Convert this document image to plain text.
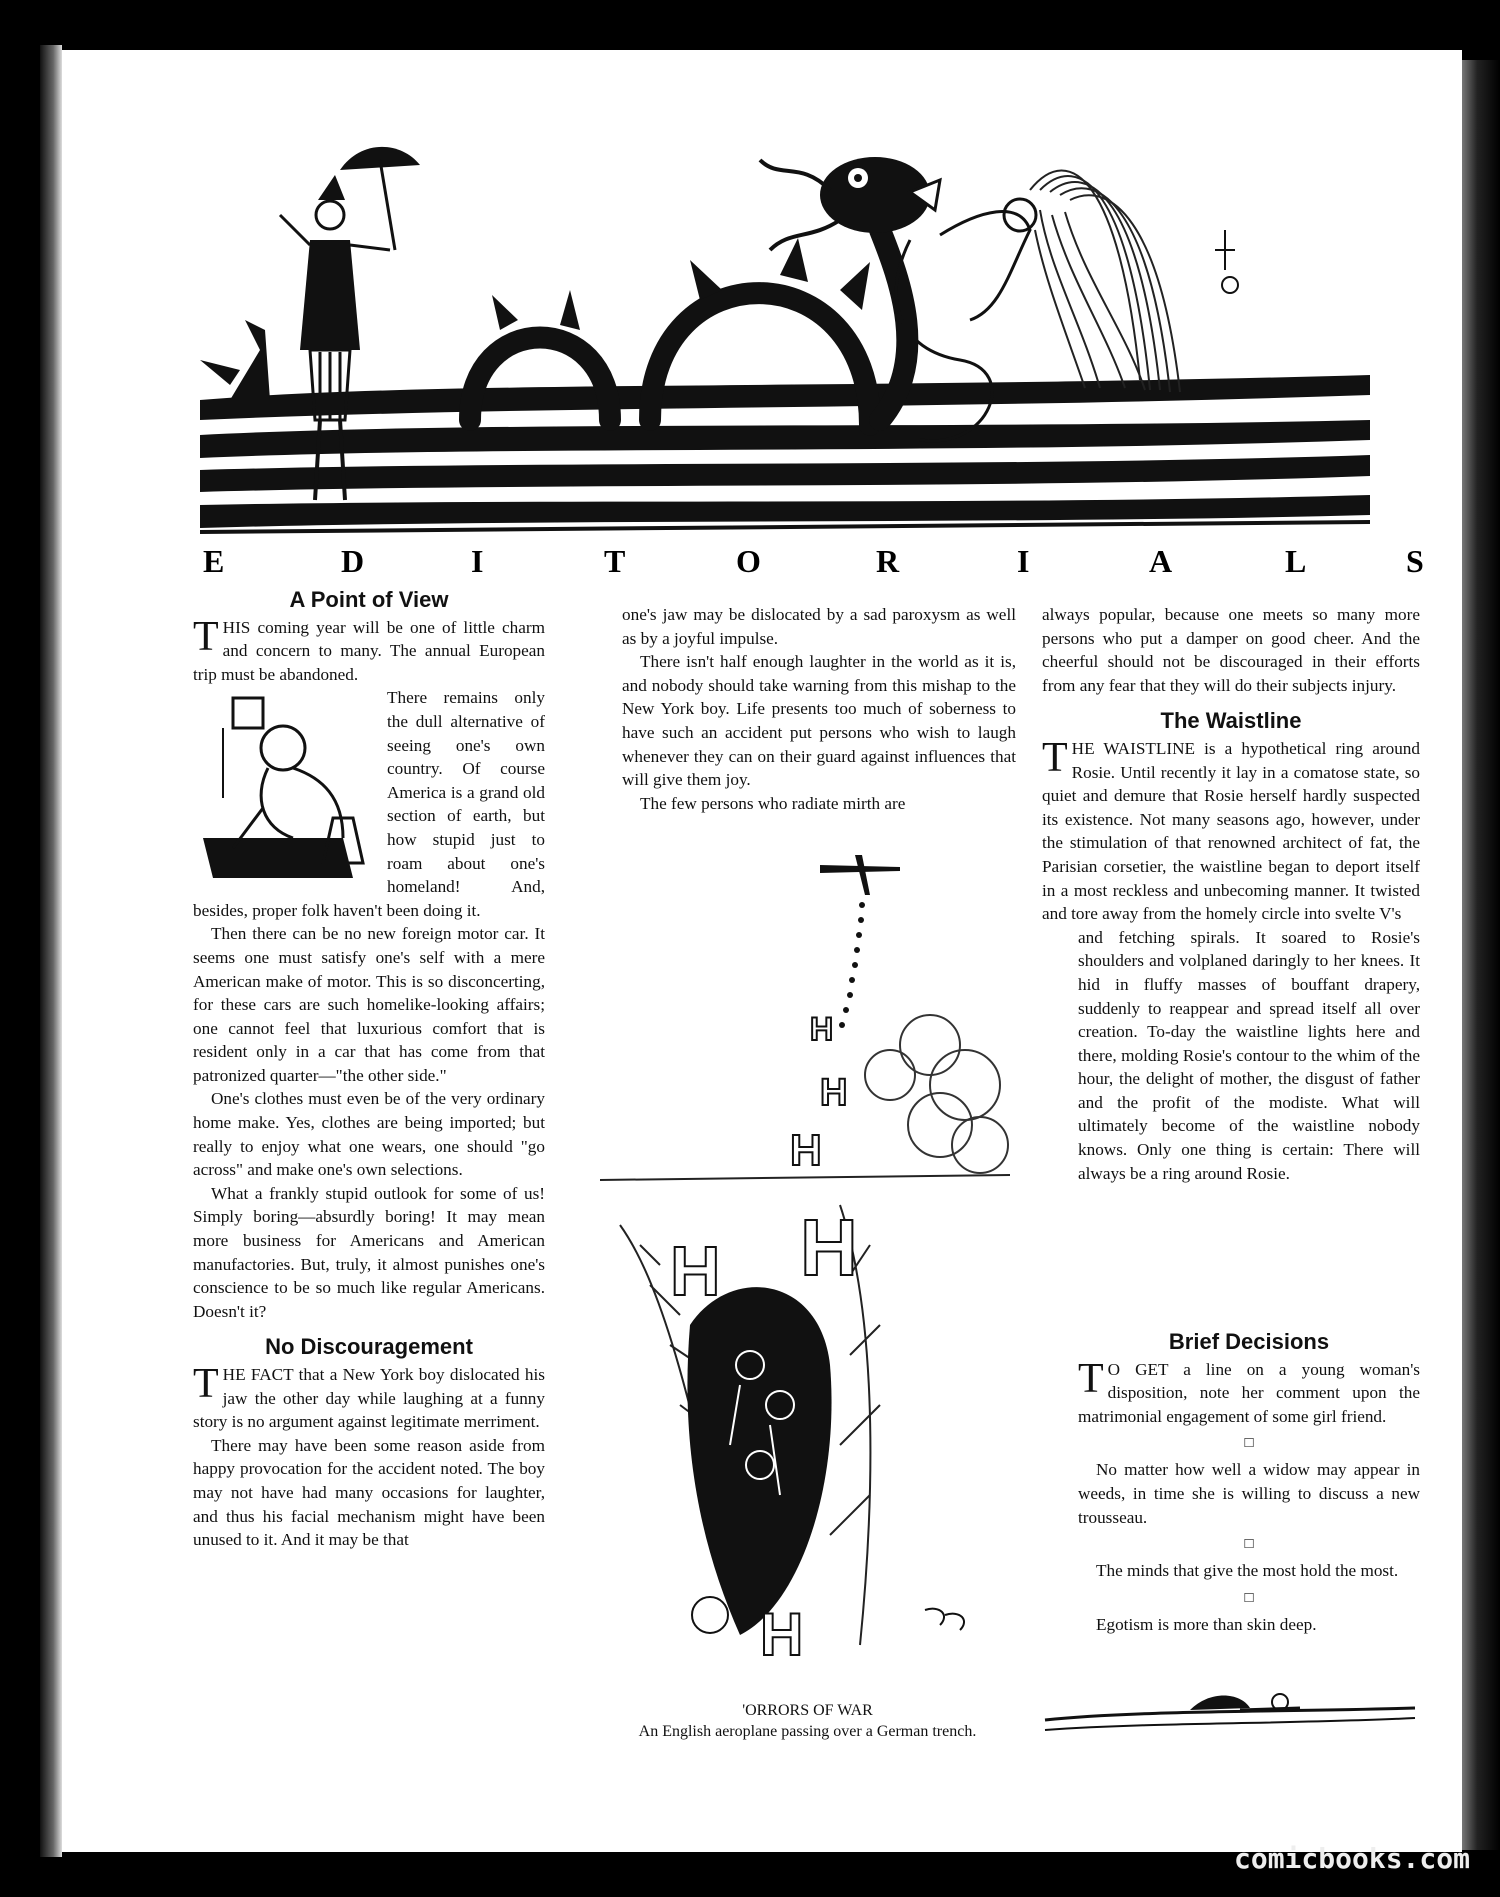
E	D	I	T	O	R	I	A	L	S
A Point of View

THIS coming year will be one of little charm and concern to many. The annual European trip must be abandoned.

There remains only the dull alternative of seeing one's own country. Of course America is a grand old section of earth, but how stupid just to roam about one's homeland! And, besides, proper folk haven't been doing it.

Then there can be no new foreign motor car. It seems one must satisfy one's self with a mere American make of motor. This is so disconcerting, for these cars are such homelike-looking affairs; one cannot feel that luxurious comfort that is resident only in a car that has come from that patronized quarter—"the other side."

One's clothes must even be of the very ordinary home make. Yes, clothes are being imported; but really to enjoy what one wears, one should "go across" and make one's own selections.

What a frankly stupid outlook for some of us! Simply boring—absurdly boring! It may mean more business for Americans and American manufactories. But, truly, it almost punishes one's conscience to be so much like regular Americans. Doesn't it?

No Discouragement

THE FACT that a New York boy dislocated his jaw the other day while laughing at a funny story is no argument against legitimate merriment.

There may have been some reason aside from happy provocation for the accident noted. The boy may not have had many occasions for laughter, and thus his facial mechanism might have been unused to it. And it may be that

one's jaw may be dislocated by a sad paroxysm as well as by a joyful impulse.

There isn't half enough laughter in the world as it is, and nobody should take warning from this mishap to the New York boy. Life presents too much of soberness to have such an accident put persons who wish to laugh whenever they can on their guard against influences that will give them joy.

The few persons who radiate mirth are

H
H
H
H H
H
'ORRORS OF WAR
An English aeroplane passing over a German trench.

always popular, because one meets so many more persons who put a damper on good cheer. And the cheerful should not be discouraged in their efforts from any fear that they will do their subjects injury.

The Waistline

THE WAISTLINE is a hypothetical ring around Rosie. Until recently it lay in a comatose state, so quiet and demure that Rosie herself hardly suspected its existence. Not many seasons ago, however, under the stimulation of that renowned architect of fat, the Parisian corsetier, the waistline began to deport itself in a most reckless and unbecoming manner. It twisted and tore away from the homely circle into svelte V's

and fetching spirals. It soared to Rosie's shoulders and volplaned daringly to her knees. It hid in fluffy masses of bouffant drapery, suddenly to reappear and spread itself all over creation. To-day the waistline lights here and there, molding Rosie's contour to the whim of the hour, the delight of mother, the disgust of father and the profit of the modiste. What will ultimately become of the waistline nobody knows. Only one thing is certain: There will always be a ring around Rosie.

Brief Decisions

T O GET a line on a young woman's disposition, note her comment upon the matrimonial engagement of some girl friend.

□

No matter how well a widow may appear in weeds, in time she is willing to discuss a new trousseau.

□

The minds that give the most hold the most.

□

Egotism is more than skin deep.

comicbooks.com
